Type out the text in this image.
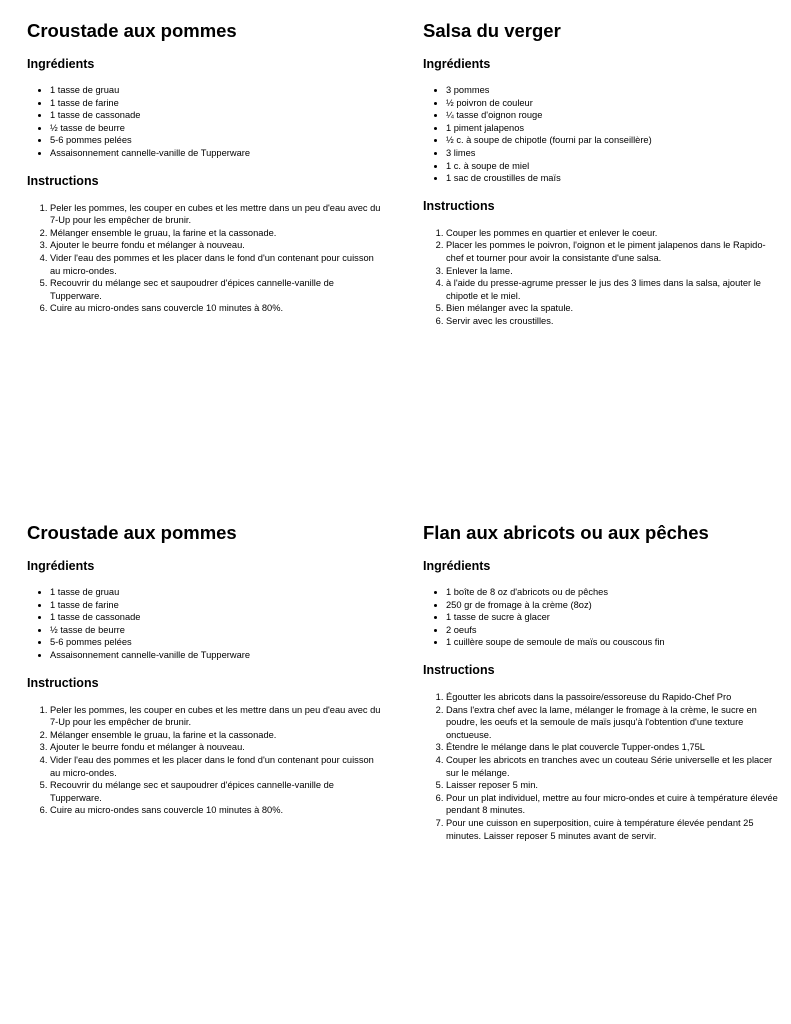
Croustade aux pommes
Ingrédients
• 1 tasse de gruau
• 1 tasse de farine
• 1 tasse de cassonade
• ½ tasse de beurre
• 5-6 pommes pelées
• Assaisonnement cannelle-vanille de Tupperware
Instructions
1. Peler les pommes, les couper en cubes et les mettre dans un peu d'eau avec du 7-Up pour les empêcher de brunir.
2. Mélanger ensemble le gruau, la farine et la cassonade.
3. Ajouter le beurre fondu et mélanger à nouveau.
4. Vider l'eau des pommes et les placer dans le fond d'un contenant pour cuisson au micro-ondes.
5. Recouvrir du mélange sec et saupoudrer d'épices cannelle-vanille de Tupperware.
6. Cuire au micro-ondes sans couvercle 10 minutes à 80%.
Salsa du verger
Ingrédients
• 3 pommes
• ½ poivron de couleur
• ¼ tasse d'oignon rouge
• 1 piment jalapenos
• ½ c. à soupe de chipotle (fourni par la conseillère)
• 3 limes
• 1 c. à soupe de miel
• 1 sac de croustilles de maïs
Instructions
1. Couper les pommes en quartier et enlever le coeur.
2. Placer les pommes le poivron, l'oignon et le piment jalapenos dans le Rapido-chef et tourner pour avoir la consistante d'une salsa.
3. Enlever la lame.
4. à l'aide du presse-agrume presser le jus des 3 limes dans la salsa, ajouter le chipotle et le miel.
5. Bien mélanger avec la spatule.
6. Servir avec les croustilles.
Croustade aux pommes
Ingrédients
• 1 tasse de gruau
• 1 tasse de farine
• 1 tasse de cassonade
• ½ tasse de beurre
• 5-6 pommes pelées
• Assaisonnement cannelle-vanille de Tupperware
Instructions
1. Peler les pommes, les couper en cubes et les mettre dans un peu d'eau avec du 7-Up pour les empêcher de brunir.
2. Mélanger ensemble le gruau, la farine et la cassonade.
3. Ajouter le beurre fondu et mélanger à nouveau.
4. Vider l'eau des pommes et les placer dans le fond d'un contenant pour cuisson au micro-ondes.
5. Recouvrir du mélange sec et saupoudrer d'épices cannelle-vanille de Tupperware.
6. Cuire au micro-ondes sans couvercle 10 minutes à 80%.
Flan aux abricots ou aux pêches
Ingrédients
• 1 boîte de 8 oz d'abricots ou de pêches
• 250 gr de fromage à la crème (8oz)
• 1 tasse de sucre à glacer
• 2 oeufs
• 1 cuillère soupe de semoule de maïs ou couscous fin
Instructions
1. Égoutter les abricots dans la passoire/essoreuse du Rapido-Chef Pro
2. Dans l'extra chef avec la lame, mélanger le fromage à la crème, le sucre en poudre, les oeufs et la semoule de maïs jusqu'à l'obtention d'une texture onctueuse.
3. Étendre le mélange dans le plat couvercle Tupper-ondes 1,75L
4. Couper les abricots en tranches avec un couteau Série universelle et les placer sur le mélange.
5. Laisser reposer 5 min.
6. Pour un plat individuel, mettre au four micro-ondes et cuire à température élevée pendant 8 minutes.
7. Pour une cuisson en superposition, cuire à température élevée pendant 25 minutes. Laisser reposer 5 minutes avant de servir.
